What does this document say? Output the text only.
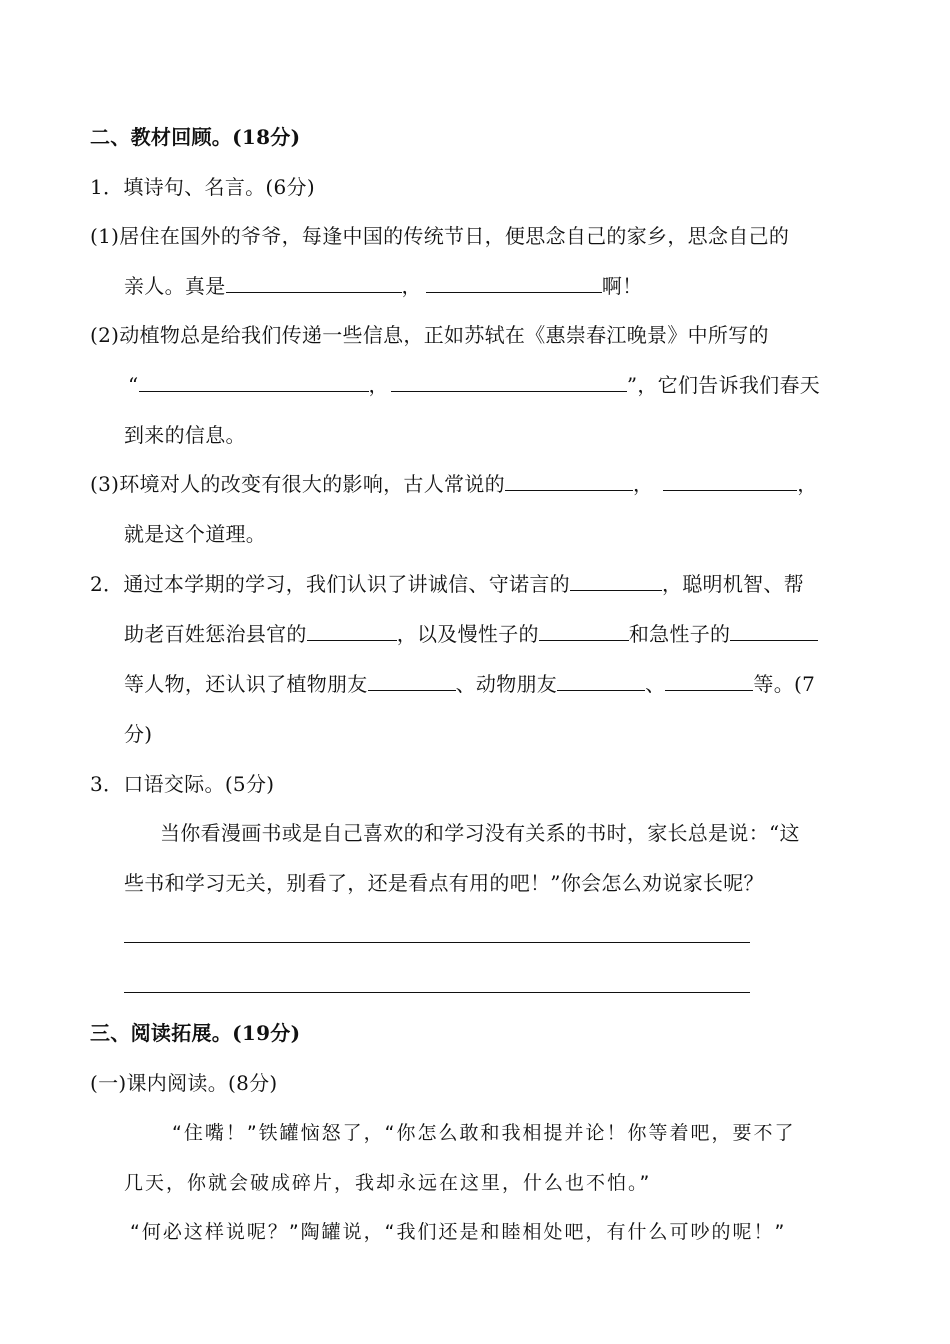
二、教材回顾。(18分)
1．填诗句、名言。(6分)
(1)居住在国外的爷爷，每逢中国的传统节日，便思念自己的家乡，思念自己的
亲人。真是	，	啊！
(2)动植物总是给我们传递一些信息，正如苏轼在《惠崇春江晚景》中所写的
“	，	”，它们告诉我们春天
到来的信息。
(3)环境对人的改变有很大的影响，古人常说的	，	，
就是这个道理。
2．通过本学期的学习，我们认识了讲诚信、守诺言的	，聪明机智、帮
助老百姓惩治县官的	，以及慢性子的	和急性子的
等人物，还认识了植物朋友	、动物朋友	、	等。(7
分)
3．口语交际。(5分)
当你看漫画书或是自己喜欢的和学习没有关系的书时，家长总是说：“这
些书和学习无关，别看了，还是看点有用的吧！”你会怎么劝说家长呢？
三、阅读拓展。(19分)
(一)课内阅读。(8分)
“住嘴！”铁罐恼怒了，“你怎么敢和我相提并论！你等着吧，要不了
几天，你就会破成碎片，我却永远在这里，什么也不怕。”
“何必这样说呢？”陶罐说，“我们还是和睦相处吧，有什么可吵的呢！”
